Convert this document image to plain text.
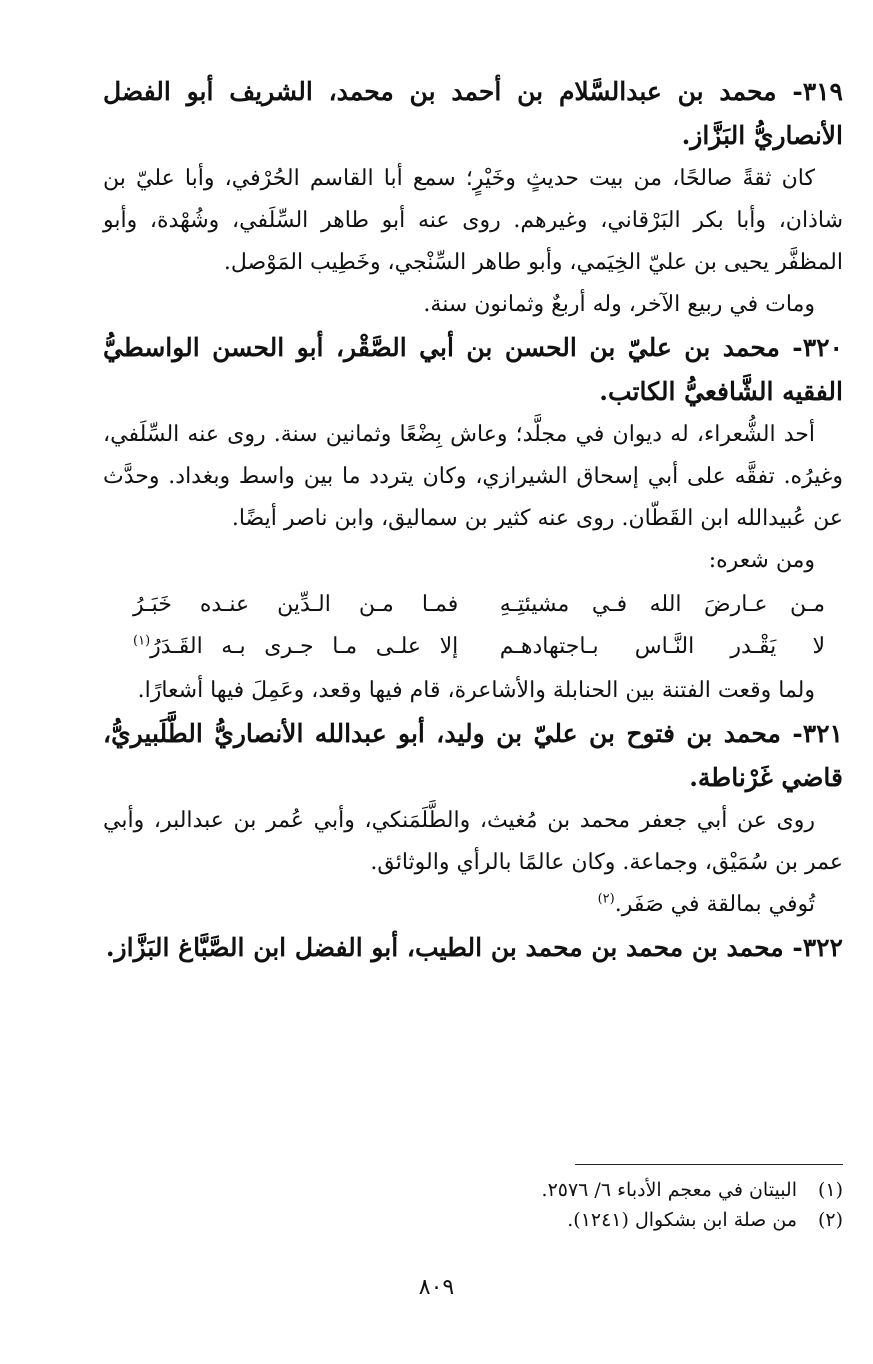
٣١٩- محمد بن عبدالسَّلام بن أحمد بن محمد، الشريف أبو الفضل الأنصاريُّ البَزَّاز.

كان ثقةً صالحًا، من بيت حديثٍ وخَيْرٍ؛ سمع أبا القاسم الحُرْفي، وأبا عليّ بن شاذان، وأبا بكر البَرْقاني، وغيرهم. روى عنه أبو طاهر السِّلَفي، وشُهْدة، وأبو المظفَّر يحيى بن عليّ الخِيَمي، وأبو طاهر السِّنْجي، وخَطِيب المَوْصل.

ومات في ربيع الآخر، وله أربعٌ وثمانون سنة.

٣٢٠- محمد بن عليّ بن الحسن بن أبي الصَّقْر، أبو الحسن الواسطيُّ الفقيه الشَّافعيُّ الكاتب.

أحد الشُّعراء، له ديوان في مجلَّد؛ وعاش بِضْعًا وثمانين سنة. روى عنه السِّلَفي، وغيرُه. تفقَّه على أبي إسحاق الشيرازي، وكان يتردد ما بين واسط وبغداد. وحدَّث عن عُبيدالله ابن القَطّان. روى عنه كثير بن سماليق، وابن ناصر أيضًا.

ومن شعره:

مـن عـارضَ الله فـي مشيئتِـهِ
فمـا مـن الـدِّين عنـده خَبَـرُ
لا يَقْـدر النَّـاس بـاجتهادهـم
إلا علـى مـا جـرى بـه القَـدَرُ$^{(١)}$

ولما وقعت الفتنة بين الحنابلة والأشاعرة، قام فيها وقعد، وعَمِلَ فيها أشعارًا.

٣٢١- محمد بن فتوح بن عليّ بن وليد، أبو عبدالله الأنصاريُّ الطَّلَبيريُّ، قاضي غَرْناطة.

روى عن أبي جعفر محمد بن مُغيث، والطَّلَمَنكي، وأبي عُمر بن عبدالبر، وأبي عمر بن سُمَيْق، وجماعة. وكان عالمًا بالرأي والوثائق.

تُوفي بمالقة في صَفَر.$^{(٢)}$

٣٢٢- محمد بن محمد بن محمد بن الطيب، أبو الفضل ابن الصَّبَّاغ البَزَّاز.

(١)
البيتان في معجم الأدباء ٦/ ٢٥٧٦.

(٢)
من صلة ابن بشكوال (١٢٤١).

٨٠٩
